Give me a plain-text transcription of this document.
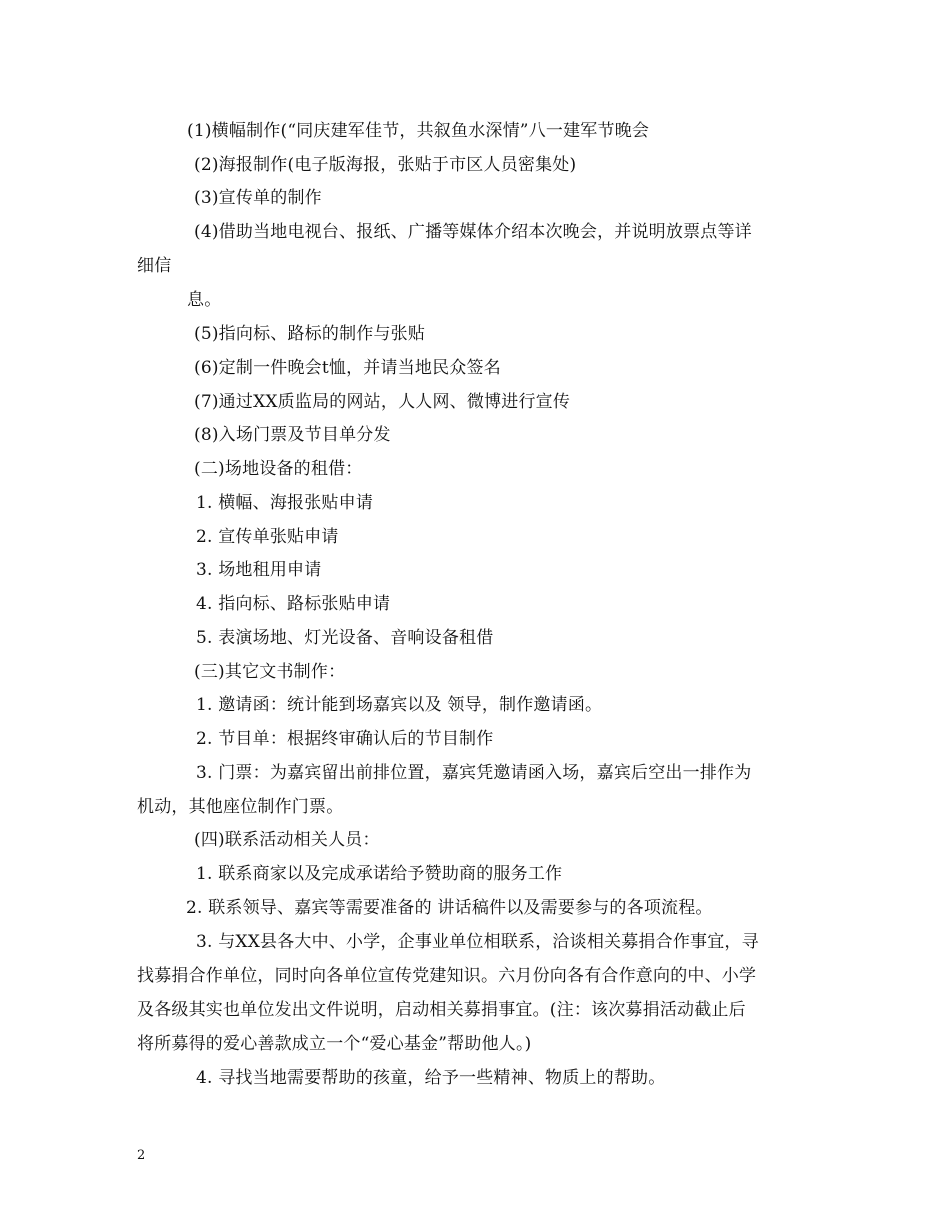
(1)横幅制作(“同庆建军佳节，共叙鱼水深情”八一建军节晚会
(2)海报制作(电子版海报，张贴于市区人员密集处)
(3)宣传单的制作
(4)借助当地电视台、报纸、广播等媒体介绍本次晚会，并说明放票点等详
细信
息。
(5)指向标、路标的制作与张贴
(6)定制一件晚会t恤，并请当地民众签名
(7)通过XX质监局的网站，人人网、微博进行宣传
(8)入场门票及节目单分发
(二)场地设备的租借：
1. 横幅、海报张贴申请
2. 宣传单张贴申请
3. 场地租用申请
4. 指向标、路标张贴申请
5. 表演场地、灯光设备、音响设备租借
(三)其它文书制作：
1. 邀请函：统计能到场嘉宾以及 领导，制作邀请函。
2. 节目单：根据终审确认后的节目制作
3. 门票：为嘉宾留出前排位置，嘉宾凭邀请函入场，嘉宾后空出一排作为
机动，其他座位制作门票。
(四)联系活动相关人员：
1. 联系商家以及完成承诺给予赞助商的服务工作
2. 联系领导、嘉宾等需要准备的 讲话稿件以及需要参与的各项流程。
3. 与XX县各大中、小学，企事业单位相联系，洽谈相关募捐合作事宜，寻
找募捐合作单位，同时向各单位宣传党建知识。六月份向各有合作意向的中、小学
及各级其实也单位发出文件说明，启动相关募捐事宜。(注：该次募捐活动截止后
将所募得的爱心善款成立一个“爱心基金”帮助他人。)
4. 寻找当地需要帮助的孩童，给予一些精神、物质上的帮助。
2
